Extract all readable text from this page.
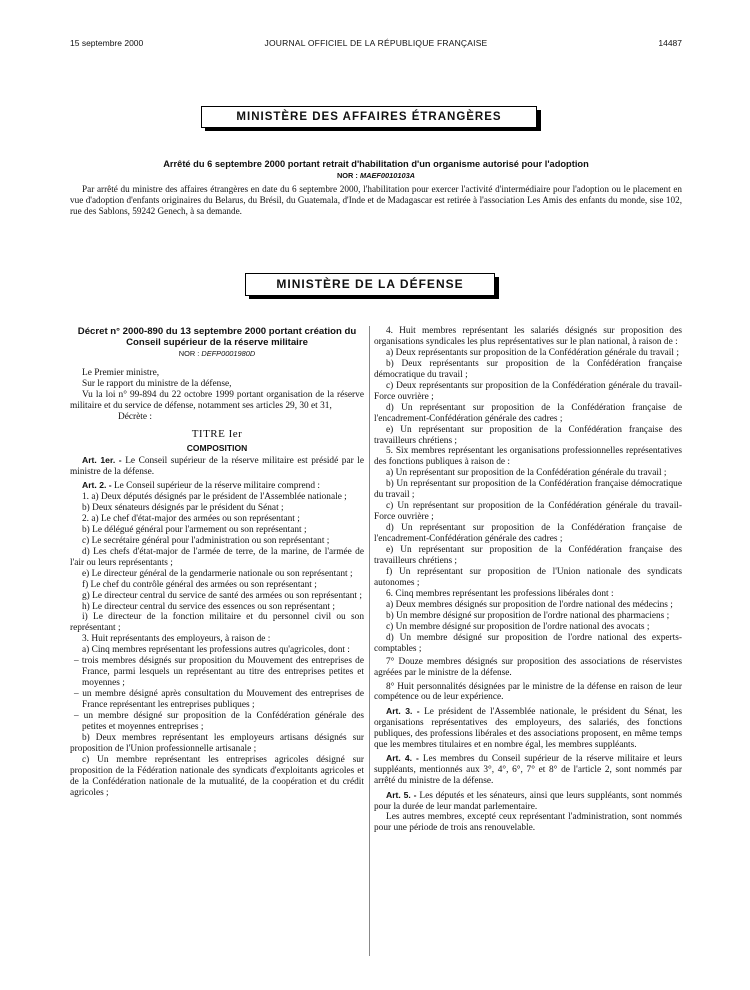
15 septembre 2000	JOURNAL OFFICIEL DE LA RÉPUBLIQUE FRANÇAISE	14487
MINISTÈRE DES AFFAIRES ÉTRANGÈRES
Arrêté du 6 septembre 2000 portant retrait d'habilitation d'un organisme autorisé pour l'adoption
NOR : MAEF0010103A
Par arrêté du ministre des affaires étrangères en date du 6 septembre 2000, l'habilitation pour exercer l'activité d'intermédiaire pour l'adoption ou le placement en vue d'adoption d'enfants originaires du Belarus, du Brésil, du Guatemala, d'Inde et de Madagascar est retirée à l'association Les Amis des enfants du monde, sise 102, rue des Sablons, 59242 Genech, à sa demande.
MINISTÈRE DE LA DÉFENSE
Décret n° 2000-890 du 13 septembre 2000 portant création du Conseil supérieur de la réserve militaire
NOR : DEFP0001980D

Le Premier ministre,

Sur le rapport du ministre de la défense,

Vu la loi n° 99-894 du 22 octobre 1999 portant organisation de la réserve militaire et du service de défense, notamment ses articles 29, 30 et 31,

Décrète :

TITRE Ier
COMPOSITION

Art. 1er. - Le Conseil supérieur de la réserve militaire est présidé par le ministre de la défense.

Art. 2. - Le Conseil supérieur de la réserve militaire comprend :

1. a) Deux députés désignés par le président de l'Assemblée nationale ;

b) Deux sénateurs désignés par le président du Sénat ;

2. a) Le chef d'état-major des armées ou son représentant ;

b) Le délégué général pour l'armement ou son représentant ;

c) Le secrétaire général pour l'administration ou son représentant ;

d) Les chefs d'état-major de l'armée de terre, de la marine, de l'armée de l'air ou leurs représentants ;

e) Le directeur général de la gendarmerie nationale ou son représentant ;

f) Le chef du contrôle général des armées ou son représentant ;

g) Le directeur central du service de santé des armées ou son représentant ;

h) Le directeur central du service des essences ou son représentant ;

i) Le directeur de la fonction militaire et du personnel civil ou son représentant ;

3. Huit représentants des employeurs, à raison de :

a) Cinq membres représentant les professions autres qu'agricoles, dont :

– trois membres désignés sur proposition du Mouvement des entreprises de France, parmi lesquels un représentant au titre des entreprises petites et moyennes ;

– un membre désigné après consultation du Mouvement des entreprises de France représentant les entreprises publiques ;

– un membre désigné sur proposition de la Confédération générale des petites et moyennes entreprises ;

b) Deux membres représentant les employeurs artisans désignés sur proposition de l'Union professionnelle artisanale ;

c) Un membre représentant les entreprises agricoles désigné sur proposition de la Fédération nationale des syndicats d'exploitants agricoles et de la Confédération nationale de la mutualité, de la coopération et du crédit agricoles ;

4. Huit membres représentant les salariés désignés sur proposition des organisations syndicales les plus représentatives sur le plan national, à raison de :

a) Deux représentants sur proposition de la Confédération générale du travail ;

b) Deux représentants sur proposition de la Confédération française démocratique du travail ;

c) Deux représentants sur proposition de la Confédération générale du travail-Force ouvrière ;

d) Un représentant sur proposition de la Confédération française de l'encadrement-Confédération générale des cadres ;

e) Un représentant sur proposition de la Confédération française des travailleurs chrétiens ;

5. Six membres représentant les organisations professionnelles représentatives des fonctions publiques à raison de :

a) Un représentant sur proposition de la Confédération générale du travail ;

b) Un représentant sur proposition de la Confédération française démocratique du travail ;

c) Un représentant sur proposition de la Confédération générale du travail-Force ouvrière ;

d) Un représentant sur proposition de la Confédération française de l'encadrement-Confédération générale des cadres ;

e) Un représentant sur proposition de la Confédération française des travailleurs chrétiens ;

f) Un représentant sur proposition de l'Union nationale des syndicats autonomes ;

6. Cinq membres représentant les professions libérales dont :

a) Deux membres désignés sur proposition de l'ordre national des médecins ;

b) Un membre désigné sur proposition de l'ordre national des pharmaciens ;

c) Un membre désigné sur proposition de l'ordre national des avocats ;

d) Un membre désigné sur proposition de l'ordre national des experts-comptables ;

7° Douze membres désignés sur proposition des associations de réservistes agréées par le ministre de la défense.

8° Huit personnalités désignées par le ministre de la défense en raison de leur compétence ou de leur expérience.

Art. 3. - Le président de l'Assemblée nationale, le président du Sénat, les organisations représentatives des employeurs, des salariés, des fonctions publiques, des professions libérales et des associations proposent, en même temps que les membres titulaires et en nombre égal, les membres suppléants.

Art. 4. - Les membres du Conseil supérieur de la réserve militaire et leurs suppléants, mentionnés aux 3°, 4°, 6°, 7° et 8° de l'article 2, sont nommés par arrêté du ministre de la défense.

Art. 5. - Les députés et les sénateurs, ainsi que leurs suppléants, sont nommés pour la durée de leur mandat parlementaire.

Les autres membres, excepté ceux représentant l'administration, sont nommés pour une période de trois ans renouvelable.
